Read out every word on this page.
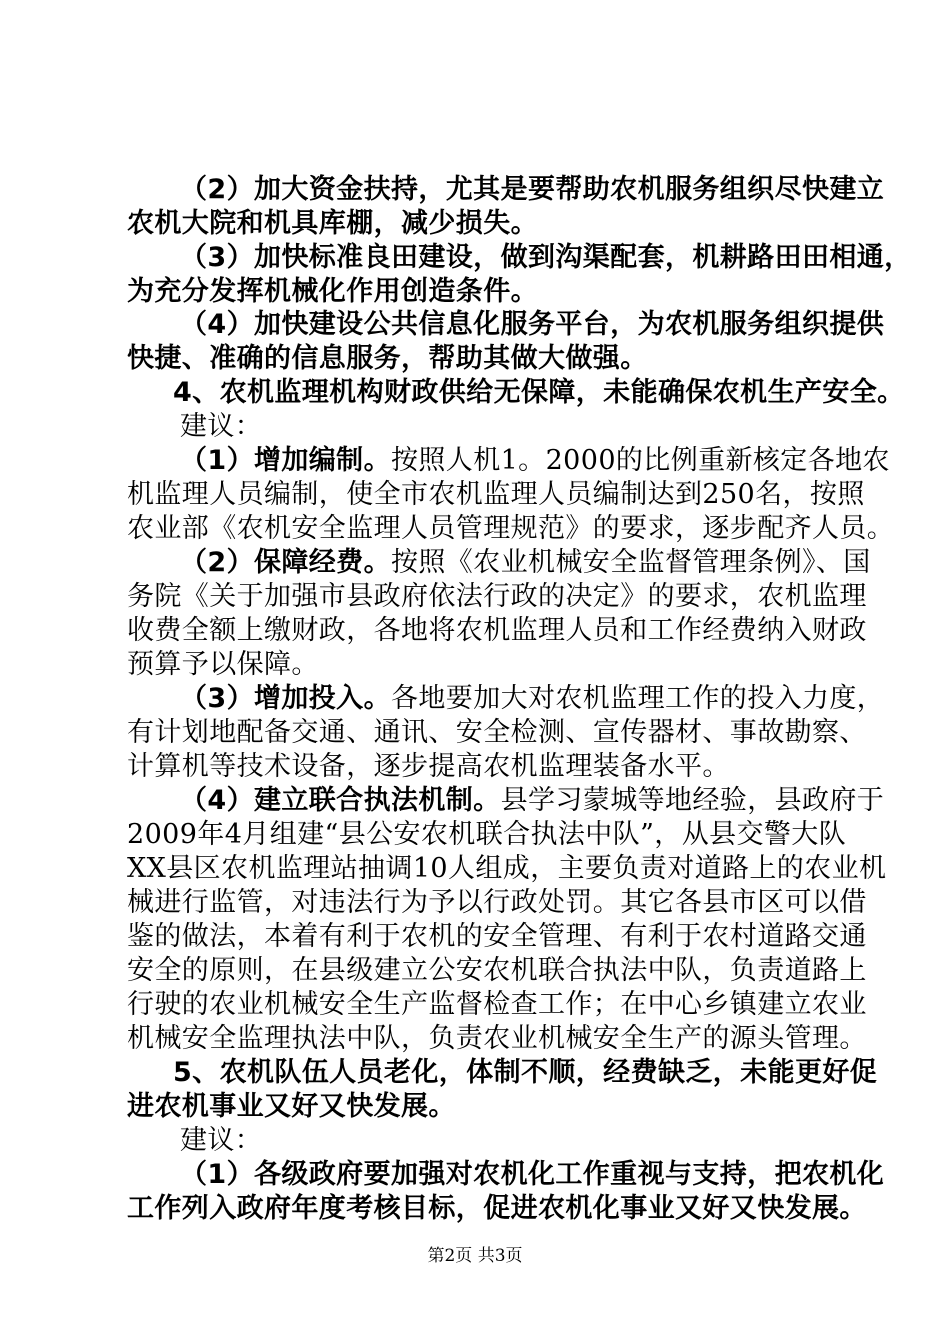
（2）加大资金扶持，尤其是要帮助农机服务组织尽快建立
农机大院和机具库棚，减少损失。
（3）加快标准良田建设，做到沟渠配套，机耕路田田相通，
为充分发挥机械化作用创造条件。
（4）加快建设公共信息化服务平台，为农机服务组织提供
快捷、准确的信息服务，帮助其做大做强。
4、农机监理机构财政供给无保障，未能确保农机生产安全。
建议：
（1）增加编制。按照人机1。2000的比例重新核定各地农
机监理人员编制，使全市农机监理人员编制达到250名，按照
农业部《农机安全监理人员管理规范》的要求，逐步配齐人员。
（2）保障经费。按照《农业机械安全监督管理条例》、国
务院《关于加强市县政府依法行政的决定》的要求，农机监理
收费全额上缴财政，各地将农机监理人员和工作经费纳入财政
预算予以保障。
（3）增加投入。各地要加大对农机监理工作的投入力度，
有计划地配备交通、通讯、安全检测、宣传器材、事故勘察、
计算机等技术设备，逐步提高农机监理装备水平。
（4）建立联合执法机制。县学习蒙城等地经验，县政府于
2009年4月组建“县公安农机联合执法中队”，从县交警大队
XX县区农机监理站抽调10人组成，主要负责对道路上的农业机
械进行监管，对违法行为予以行政处罚。其它各县市区可以借
鉴的做法，本着有利于农机的安全管理、有利于农村道路交通
安全的原则，在县级建立公安农机联合执法中队，负责道路上
行驶的农业机械安全生产监督检查工作；在中心乡镇建立农业
机械安全监理执法中队，负责农业机械安全生产的源头管理。
5、农机队伍人员老化，体制不顺，经费缺乏，未能更好促
进农机事业又好又快发展。
建议：
（1）各级政府要加强对农机化工作重视与支持，把农机化
工作列入政府年度考核目标，促进农机化事业又好又快发展。
第2页 共3页
